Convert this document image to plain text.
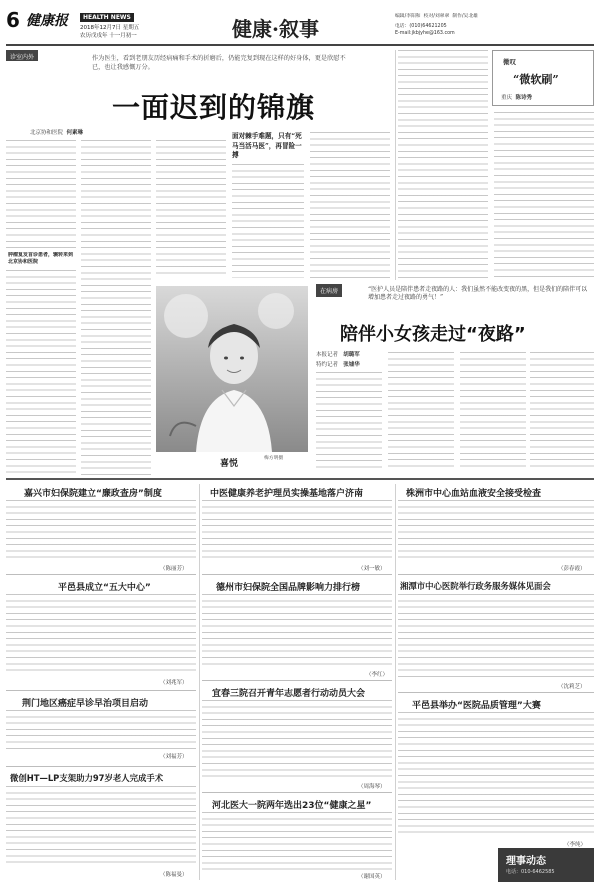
6 健康报	HEALTH NEWS
2018年12月7日 星期五
农历戊戌年 十一月初一	健康·叙事
编辑/李阳和 校对/刘翠翠 制作/吴北雄
电话：(010)64621205
E-mail:jkbjyhe@163.com
诊室内外	作为医生，看到老朋友历经病痛和手术的折磨后，仍能完复到现在这样的好身体，更是欣慰不已，也让我感慨万分。
一面迟到的锦旗
北京协和医院 何素琳
肿瘤复发首诊患者，辗转来到北京协和医院
面对棘手难题，只有“死马当活马医”，再冒险一搏
喜悦
梅方明摄
微叹
“微软刷”
重庆 陈诗秀
在病房	“医护人员是陪伴患者走夜路的人：我们虽然不能改变夜的黑，但是我们的陪伴可以增加患者走过夜路的勇气！”
陪伴小女孩走过“夜路”
本报记者 胡璐军
特约记者 张墟华
嘉兴市妇保院建立“廉政查房”制度
（陈丽芳）
中医健康养老护理员实操基地落户济南
（刘一敏）
株洲市中心血站血液安全接受检查
（彭春霞）
平邑县成立“五大中心”
（刘兆军）
德州市妇保院全国品牌影响力排行榜
（李红）
湘潭市中心医院举行政务服务媒体见面会
（沈莉芝）
荆门地区癌症早诊早治项目启动
（刘福芳）
宜春三院召开青年志愿者行动动员大会
（周海琴）
平邑县举办“医院品质管理”大赛
（李纯）
微创HT—LP支架助力97岁老人完成手术
（陈福曼）
河北医大一院两年选出23位“健康之星”
（谢国英）
理事动态
电话：010-6462585
